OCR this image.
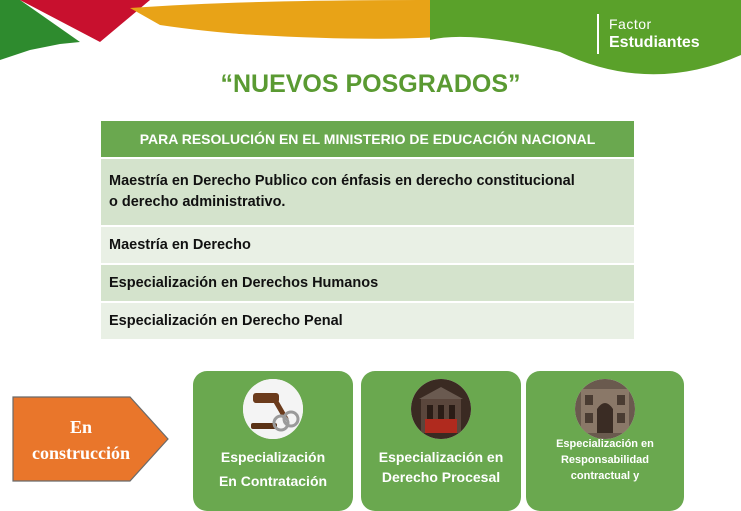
Factor
Estudiantes
“NUEVOS POSGRADOS”
PARA RESOLUCIÓN EN EL MINISTERIO DE EDUCACIÓN NACIONAL
Maestría en Derecho Publico con énfasis en derecho constitucional
o derecho administrativo.
Maestría en Derecho
Especialización en Derechos Humanos
Especialización en Derecho Penal
En
construcción	Especialización
En Contratación
Especialización en
Derecho Procesal
Especialización en
Responsabilidad
contractual y
